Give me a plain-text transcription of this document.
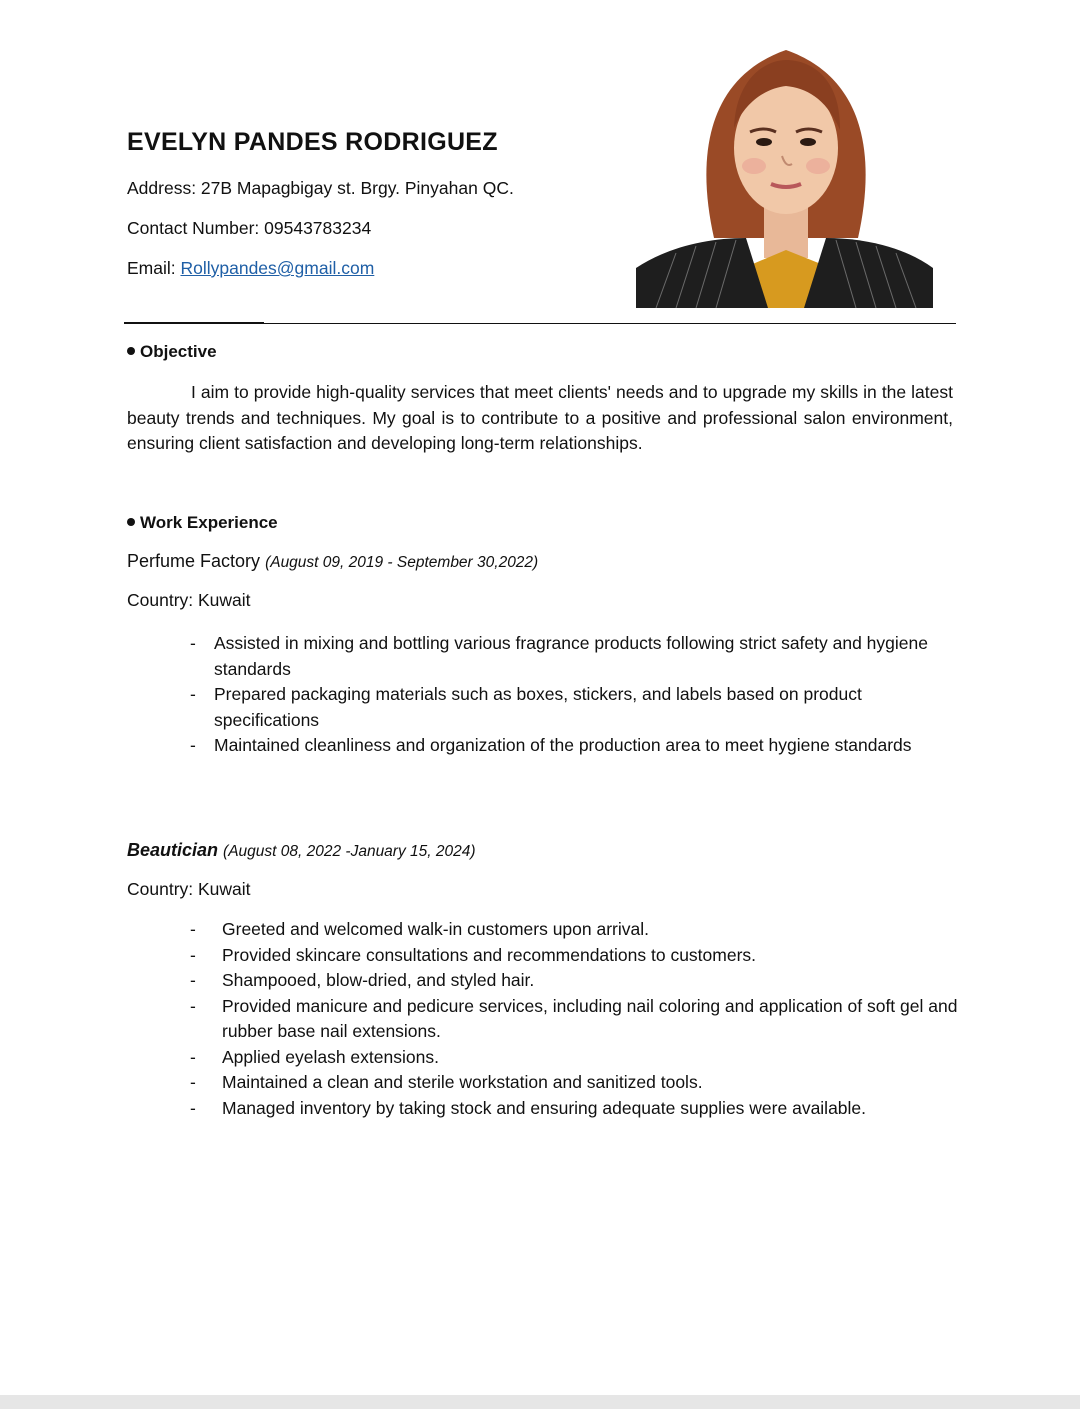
EVELYN PANDES RODRIGUEZ
Address: 27B Mapagbigay st. Brgy. Pinyahan QC.
Contact Number: 09543783234
Email: Rollypandes@gmail.com
Objective
I aim to provide high-quality services that meet clients' needs and to upgrade my skills in the latest beauty trends and techniques. My goal is to contribute to a positive and professional salon environment, ensuring client satisfaction and developing long-term relationships.
Work Experience
Perfume Factory (August 09, 2019 - September 30,2022)
Country: Kuwait
- Assisted in mixing and bottling various fragrance products following strict safety and hygiene standards
- Prepared packaging materials such as boxes, stickers, and labels based on product specifications
- Maintained cleanliness and organization of the production area to meet hygiene standards
Beautician (August 08, 2022 -January 15, 2024)
Country: Kuwait
- Greeted and welcomed walk-in customers upon arrival.
- Provided skincare consultations and recommendations to customers.
- Shampooed, blow-dried, and styled hair.
- Provided manicure and pedicure services, including nail coloring and application of soft gel and rubber base nail extensions.
- Applied eyelash extensions.
- Maintained a clean and sterile workstation and sanitized tools.
- Managed inventory by taking stock and ensuring adequate supplies were available.
